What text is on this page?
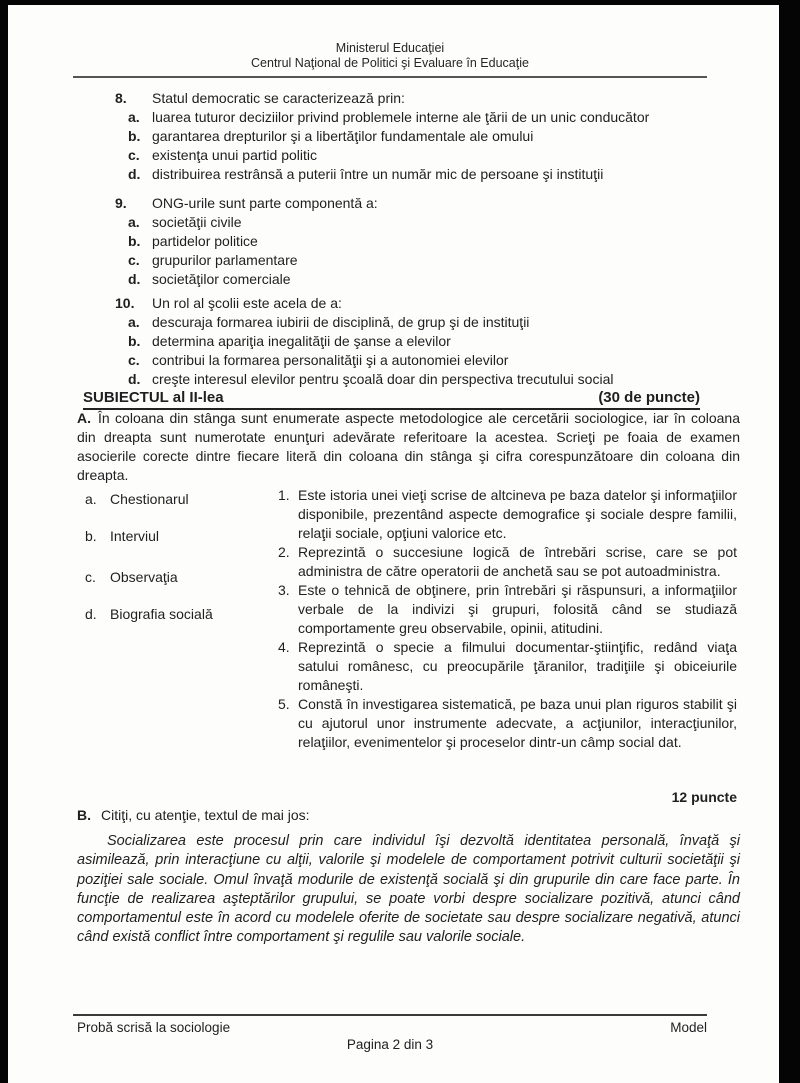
Ministerul Educaţiei
Centrul Naţional de Politici şi Evaluare în Educaţie
8.	Statul democratic se caracterizează prin:
a. luarea tuturor deciziilor privind problemele interne ale ţării de un unic conducător
b. garantarea drepturilor şi a libertăţilor fundamentale ale omului
c. existenţa unui partid politic
d. distribuirea restrânsă a puterii între un număr mic de persoane şi instituţii
9.	ONG-urile sunt parte componentă a:
a. societăţii civile
b. partidelor politice
c. grupurilor parlamentare
d. societăţilor comerciale
10.	Un rol al şcolii este acela de a:
a. descuraja formarea iubirii de disciplină, de grup şi de instituţii
b. determina apariţia inegalităţii de şanse a elevilor
c. contribui la formarea personalităţii şi a autonomiei elevilor
d. creşte interesul elevilor pentru şcoală doar din perspectiva trecutului social
SUBIECTUL al II-lea	(30 de puncte)
A. În coloana din stânga sunt enumerate aspecte metodologice ale cercetării sociologice, iar în coloana din dreapta sunt numerotate enunţuri adevărate referitoare la acestea. Scrieţi pe foaia de examen asocierile corecte dintre fiecare literă din coloana din stânga şi cifra corespunzătoare din coloana din dreapta.
a. Chestionarul
b. Interviul
c.	Observaţia
d. Biografia socială
1. Este istoria unei vieţi scrise de altcineva pe baza datelor şi informaţiilor disponibile, prezentând aspecte demografice şi sociale despre familii, relaţii sociale, opţiuni valorice etc.
2. Reprezintă o succesiune logică de întrebări scrise, care se pot administra de către operatorii de anchetă sau se pot autoadministra.
3. Este o tehnică de obţinere, prin întrebări şi răspunsuri, a informaţiilor verbale de la indivizi şi grupuri, folosită când se studiază comportamente greu observabile, opinii, atitudini.
4. Reprezintă o specie a filmului documentar-ştiinţific, redând viaţa satului românesc, cu preocupările ţăranilor, tradiţiile şi obiceiurile româneşti.
5. Constă în investigarea sistematică, pe baza unui plan riguros stabilit şi cu ajutorul unor instrumente adecvate, a acţiunilor, interacţiunilor, relaţiilor, evenimentelor şi proceselor dintr-un câmp social dat.
12 puncte
B. Citiţi, cu atenţie, textul de mai jos:
Socializarea este procesul prin care individul îşi dezvoltă identitatea personală, învaţă şi asimilează, prin interacţiune cu alţii, valorile şi modelele de comportament potrivit culturii societăţii şi poziţiei sale sociale. Omul învaţă modurile de existenţă socială şi din grupurile din care face parte. În funcţie de realizarea aşteptărilor grupului, se poate vorbi despre socializare pozitivă, atunci când comportamentul este în acord cu modelele oferite de societate sau despre socializare negativă, atunci când există conflict între comportament şi regulile sau valorile sociale.
Probă scrisă la sociologie	Model
Pagina 2 din 3
